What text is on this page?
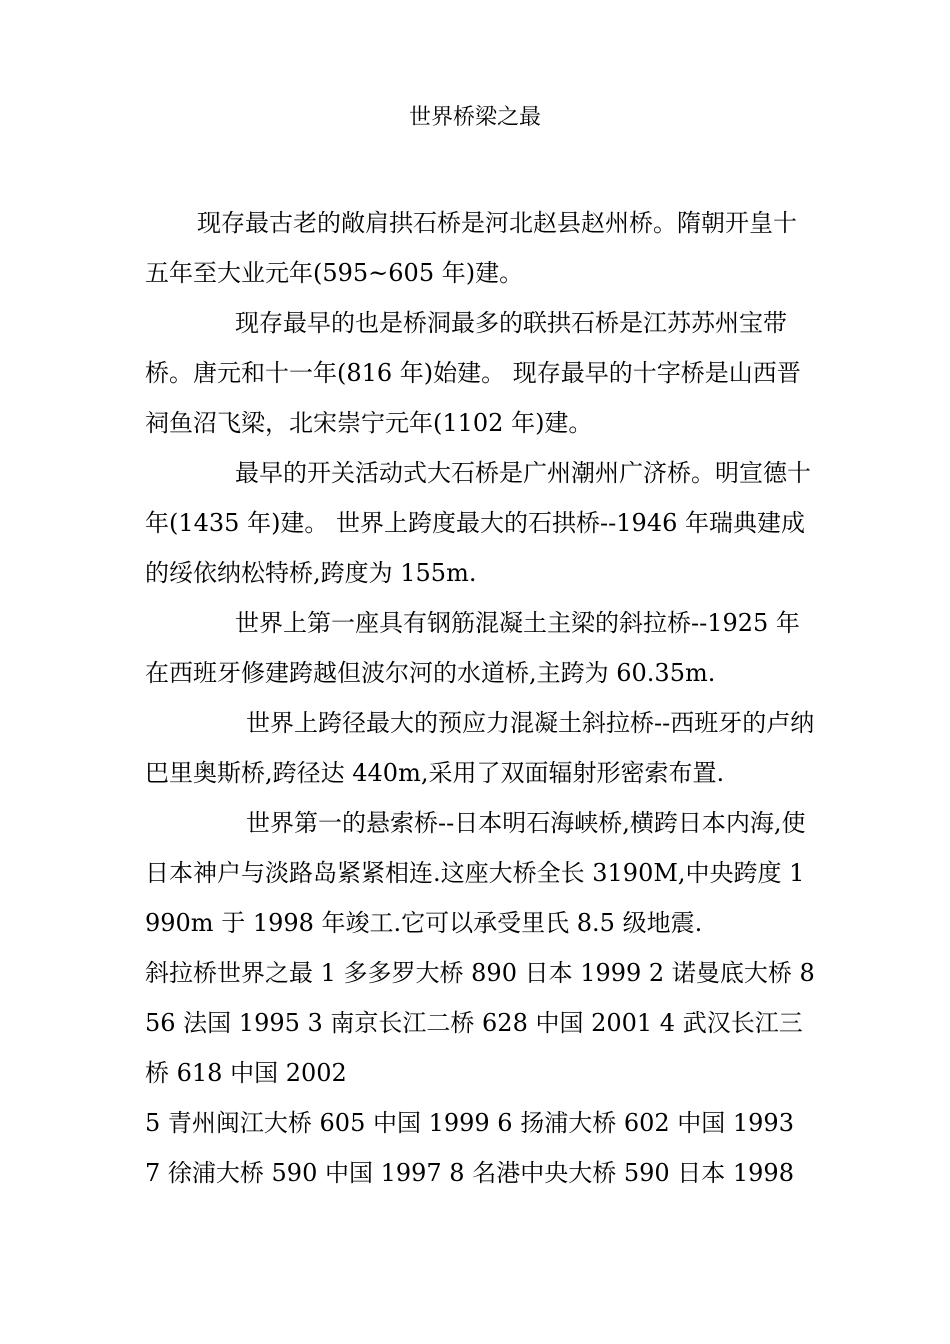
世界桥梁之最

现存最古老的敞肩拱石桥是河北赵县赵州桥。隋朝开皇十五年至大业元年(595~605 年)建。

现存最早的也是桥洞最多的联拱石桥是江苏苏州宝带桥。唐元和十一年(816 年)始建。 现存最早的十字桥是山西晋祠鱼沼飞梁，北宋崇宁元年(1102 年)建。

最早的开关活动式大石桥是广州潮州广济桥。明宣德十年(1435 年)建。 世界上跨度最大的石拱桥--1946 年瑞典建成的绥依纳松特桥,跨度为 155m.

世界上第一座具有钢筋混凝土主梁的斜拉桥--1925 年在西班牙修建跨越但波尔河的水道桥,主跨为 60.35m.

世界上跨径最大的预应力混凝土斜拉桥--西班牙的卢纳巴里奥斯桥,跨径达 440m,采用了双面辐射形密索布置.

世界第一的悬索桥--日本明石海峡桥,横跨日本内海,使日本神户与淡路岛紧紧相连.这座大桥全长 3190M,中央跨度 1990m 于 1998 年竣工.它可以承受里氏 8.5 级地震.

斜拉桥世界之最 1 多多罗大桥 890 日本 1999 2 诺曼底大桥 856 法国 1995 3 南京长江二桥 628 中国 2001 4 武汉长江三桥 618 中国 2002

5 青州闽江大桥 605 中国 1999 6 扬浦大桥 602 中国 1993 7 徐浦大桥 590 中国 1997 8 名港中央大桥 590 日本 1998
